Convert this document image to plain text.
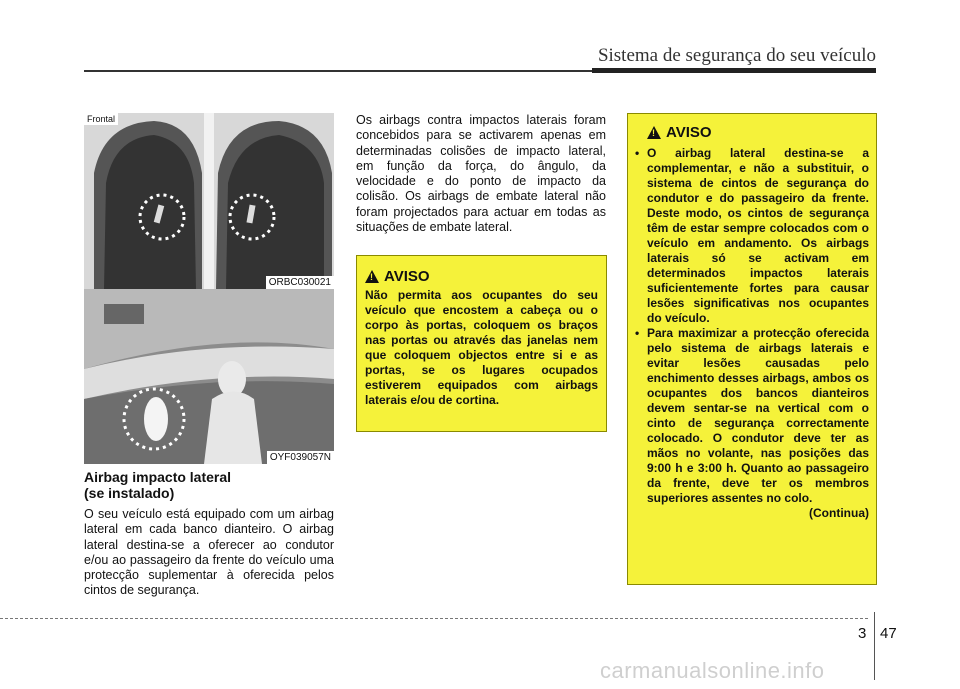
Sistema de segurança do seu veículo
Frontal
ORBC030021
OYF039057N
Airbag impacto lateral
(se instalado)
O seu veículo está equipado com um airbag lateral em cada banco dianteiro. O airbag lateral destina-se a oferecer ao condutor e/ou ao passageiro da frente do veículo uma protecção suplementar à oferecida pelos cintos de segurança.
Os airbags contra impactos laterais foram concebidos para se activarem apenas em determinadas colisões de impacto lateral, em função da força, do ângulo, da velocidade e do ponto de impacto da colisão. Os airbags de embate lateral não foram projectados para actuar em todas as situações de embate lateral.
!
AVISO
Não permita aos ocupantes do seu veículo que encostem a cabeça ou o corpo às portas, coloquem os braços nas portas ou através das janelas nem que coloquem objectos entre si e as portas, se os lugares ocupados estiverem equipados com airbags laterais e/ou de cortina.
!
AVISO
• O airbag lateral destina-se a complementar, e não a substituir, o sistema de cintos de segurança do condutor e do passageiro da frente. Deste modo, os cintos de segurança têm de estar sempre colocados com o veículo em andamento. Os airbags laterais só se activam em determinados impactos laterais suficientemente fortes para causar lesões significativas nos ocupantes do veículo.
• Para maximizar a protecção oferecida pelo sistema de airbags laterais e evitar lesões causadas pelo enchimento desses airbags, ambos os ocupantes dos bancos dianteiros devem sentar-se na vertical com o cinto de segurança correctamente colocado. O condutor deve ter as mãos no volante, nas posições das 9:00 h e 3:00 h. Quanto ao passageiro da frente, deve ter os membros superiores assentes no colo.
(Continua)
3 47
carmanualsonline.info
